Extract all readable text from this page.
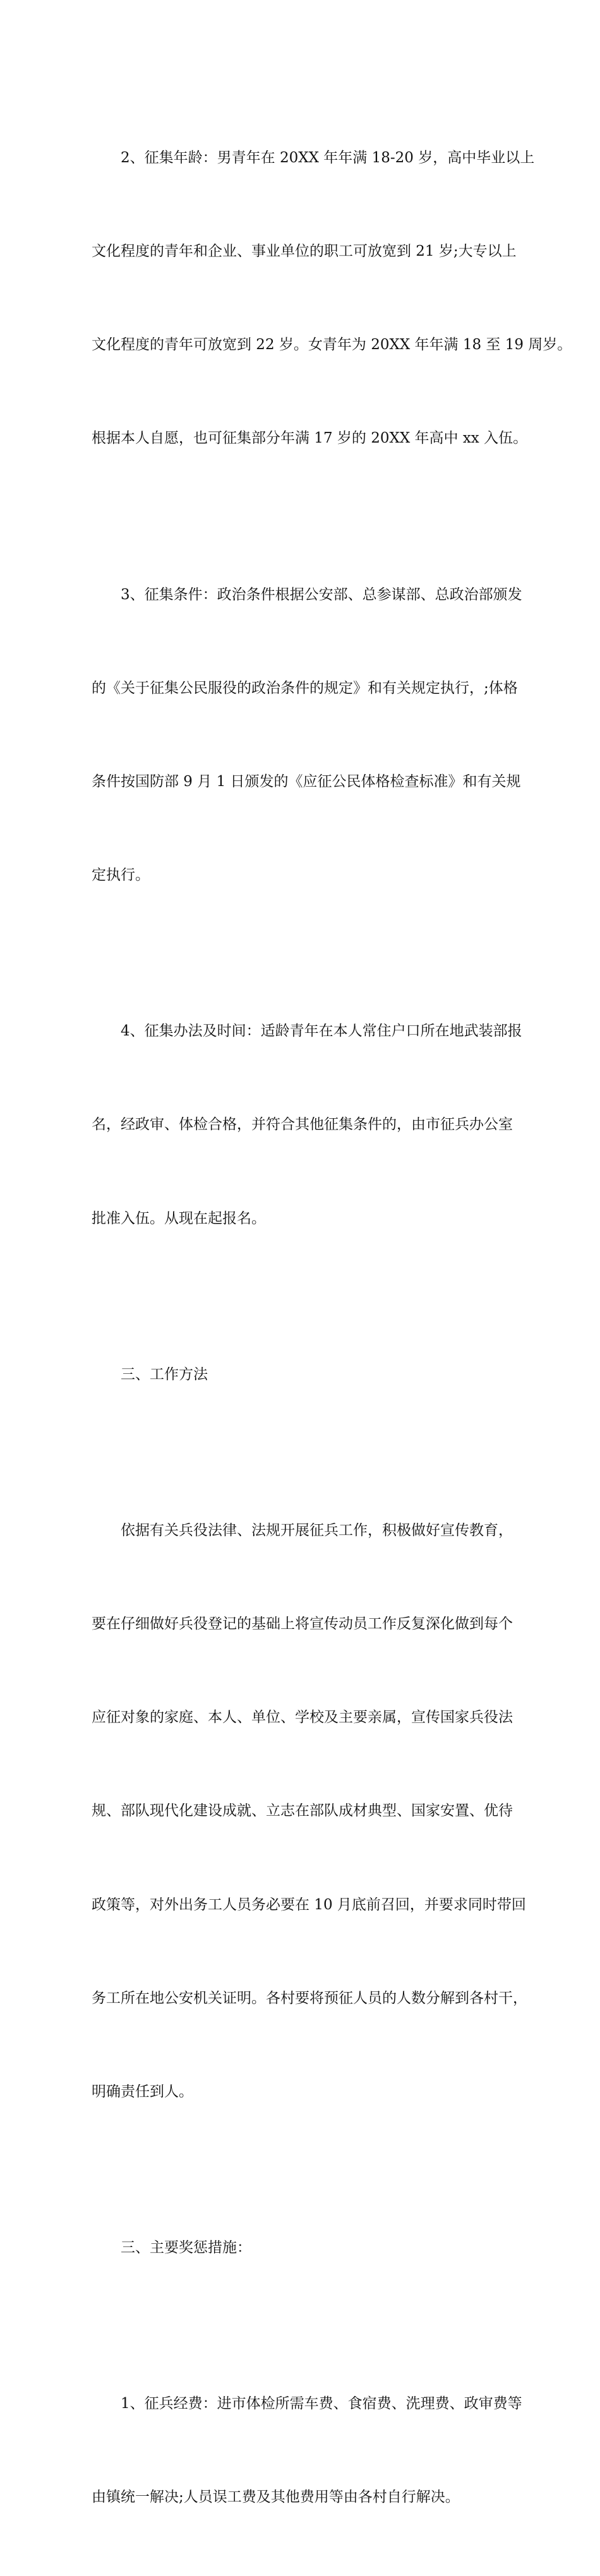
2、征集年龄：男青年在 20XX 年年满 18-20 岁，高中毕业以上

文化程度的青年和企业、事业单位的职工可放宽到 21 岁;大专以上

文化程度的青年可放宽到 22 岁。女青年为 20XX 年年满 18 至 19 周岁。

根据本人自愿，也可征集部分年满 17 岁的 20XX 年高中 xx 入伍。

3、征集条件：政治条件根据公安部、总参谋部、总政治部颁发

的《关于征集公民服役的政治条件的规定》和有关规定执行，;体格

条件按国防部 9 月 1 日颁发的《应征公民体格检查标准》和有关规

定执行。

4、征集办法及时间：适龄青年在本人常住户口所在地武装部报

名，经政审、体检合格，并符合其他征集条件的，由市征兵办公室

批准入伍。从现在起报名。

三、工作方法

依据有关兵役法律、法规开展征兵工作，积极做好宣传教育，

要在仔细做好兵役登记的基础上将宣传动员工作反复深化做到每个

应征对象的家庭、本人、单位、学校及主要亲属，宣传国家兵役法

规、部队现代化建设成就、立志在部队成材典型、国家安置、优待

政策等，对外出务工人员务必要在 10 月底前召回，并要求同时带回

务工所在地公安机关证明。各村要将预征人员的人数分解到各村干，

明确责任到人。

三、主要奖惩措施：

1、征兵经费：进市体检所需车费、食宿费、洗理费、政审费等

由镇统一解决;人员误工费及其他费用等由各村自行解决。
